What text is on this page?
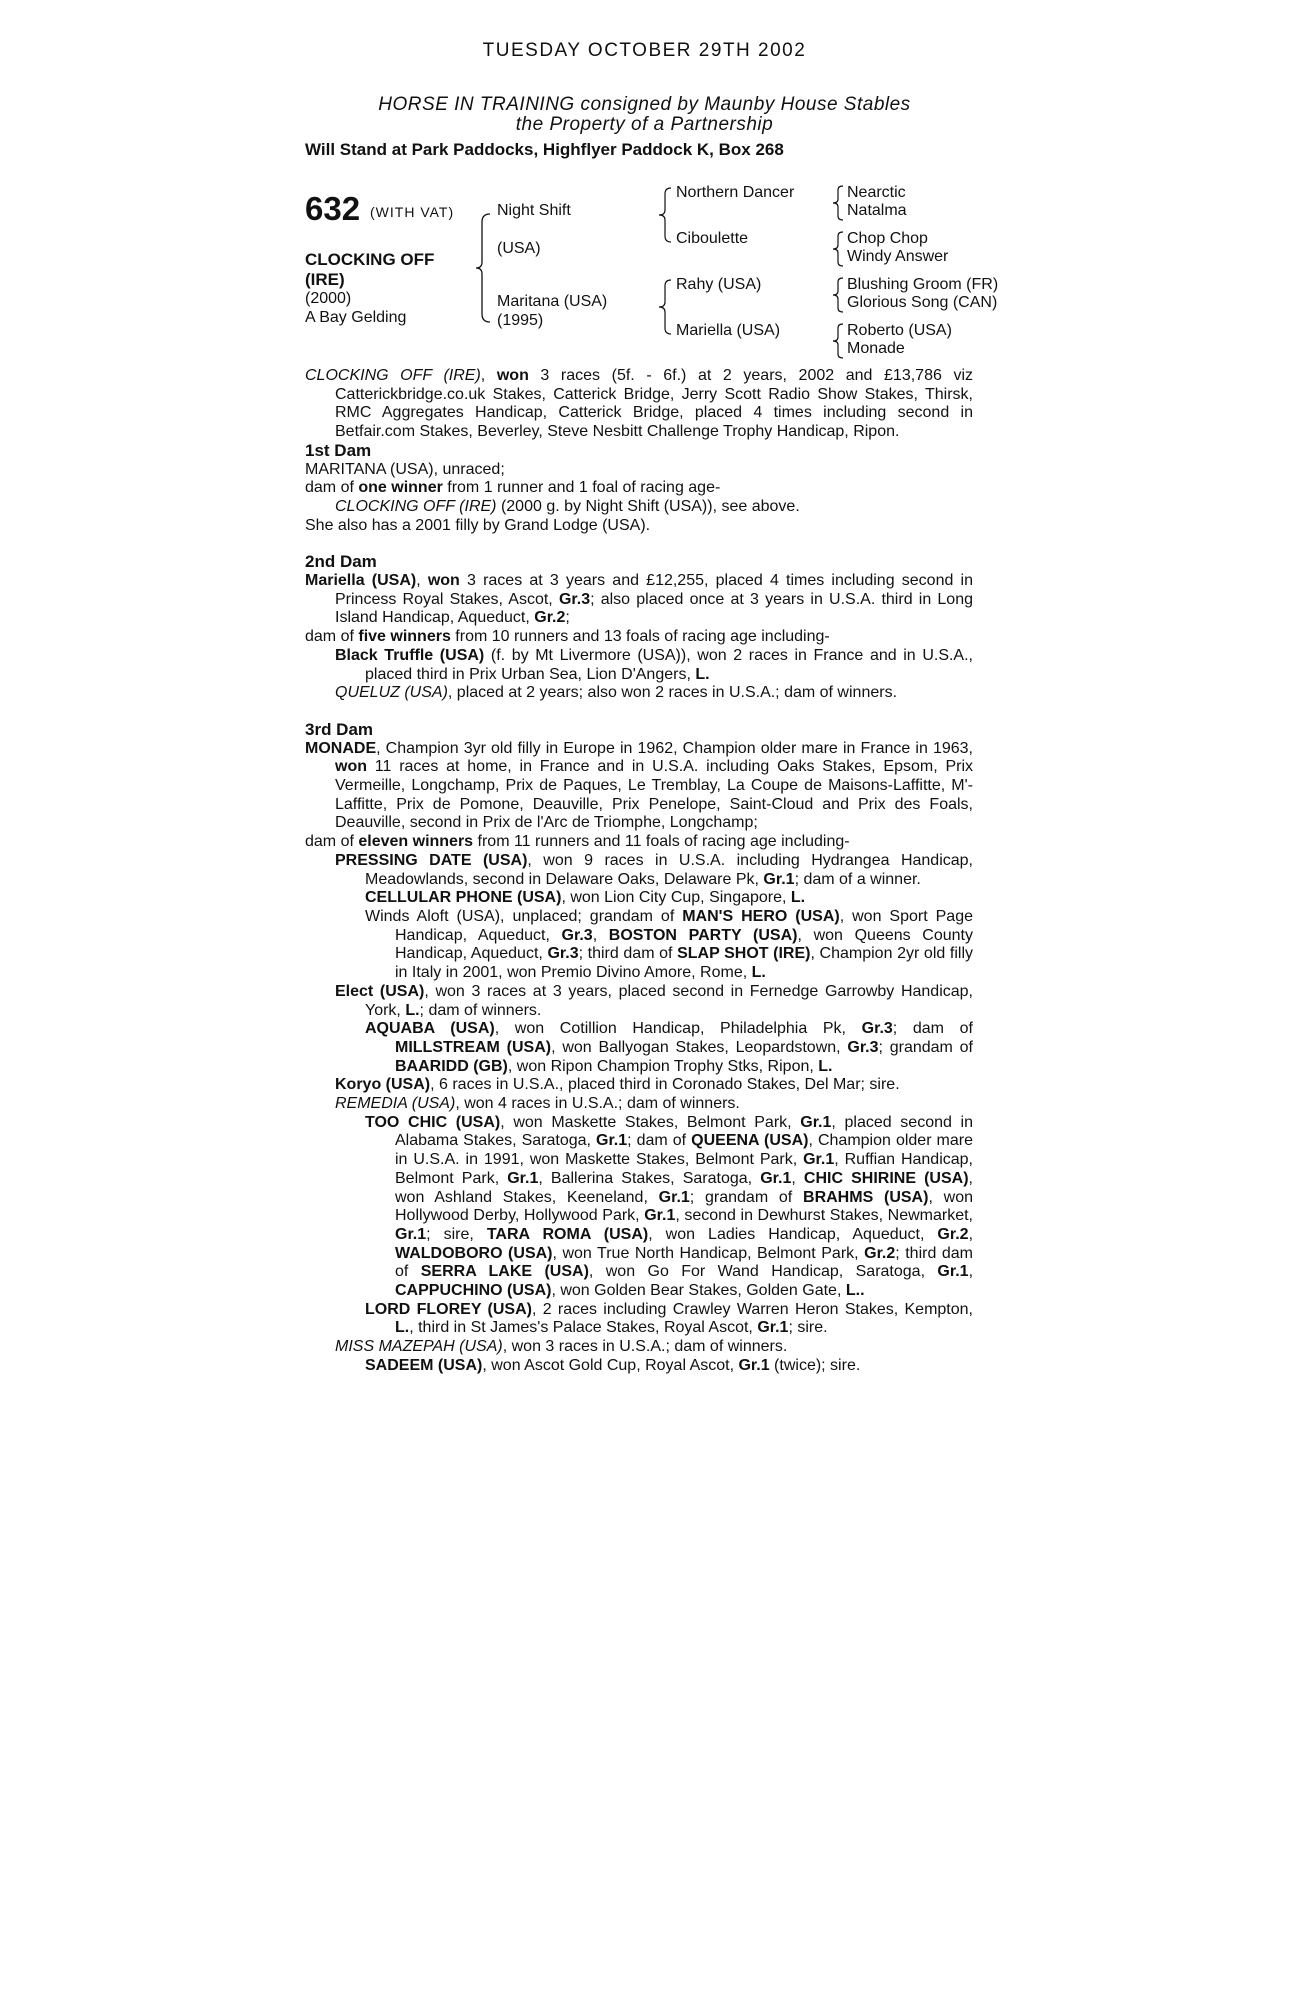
TUESDAY OCTOBER 29TH 2002
HORSE IN TRAINING consigned by Maunby House Stables
the Property of a Partnership
Will Stand at Park Paddocks, Highflyer Paddock K, Box 268
632 (WITH VAT)
CLOCKING OFF
(IRE)
(2000)
A Bay Gelding
Night Shift
(USA)
Maritana (USA)
(1995)
Northern Dancer
Ciboulette
Rahy (USA)
Mariella (USA)
Nearctic
Natalma
Chop Chop
Windy Answer
Blushing Groom (FR)
Glorious Song (CAN)
Roberto (USA)
Monade

CLOCKING OFF (IRE), won 3 races (5f. - 6f.) at 2 years, 2002 and £13,786 viz Catterickbridge.co.uk Stakes, Catterick Bridge, Jerry Scott Radio Show Stakes, Thirsk, RMC Aggregates Handicap, Catterick Bridge, placed 4 times including second in Betfair.com Stakes, Beverley, Steve Nesbitt Challenge Trophy Handicap, Ripon.

1st Dam

MARITANA (USA), unraced;

dam of one winner from 1 runner and 1 foal of racing age-

CLOCKING OFF (IRE) (2000 g. by Night Shift (USA)), see above.

She also has a 2001 filly by Grand Lodge (USA).

2nd Dam

Mariella (USA), won 3 races at 3 years and £12,255, placed 4 times including second in Princess Royal Stakes, Ascot, Gr.3; also placed once at 3 years in U.S.A. third in Long Island Handicap, Aqueduct, Gr.2;

dam of five winners from 10 runners and 13 foals of racing age including-

Black Truffle (USA) (f. by Mt Livermore (USA)), won 2 races in France and in U.S.A., placed third in Prix Urban Sea, Lion D'Angers, L.

QUELUZ (USA), placed at 2 years; also won 2 races in U.S.A.; dam of winners.

3rd Dam

MONADE, Champion 3yr old filly in Europe in 1962, Champion older mare in France in 1963, won 11 races at home, in France and in U.S.A. including Oaks Stakes, Epsom, Prix Vermeille, Longchamp, Prix de Paques, Le Tremblay, La Coupe de Maisons-Laffitte, M'-Laffitte, Prix de Pomone, Deauville, Prix Penelope, Saint-Cloud and Prix des Foals, Deauville, second in Prix de l'Arc de Triomphe, Longchamp;

dam of eleven winners from 11 runners and 11 foals of racing age including-

PRESSING DATE (USA), won 9 races in U.S.A. including Hydrangea Handicap, Meadowlands, second in Delaware Oaks, Delaware Pk, Gr.1; dam of a winner.

CELLULAR PHONE (USA), won Lion City Cup, Singapore, L.

Winds Aloft (USA), unplaced; grandam of MAN'S HERO (USA), won Sport Page Handicap, Aqueduct, Gr.3, BOSTON PARTY (USA), won Queens County Handicap, Aqueduct, Gr.3; third dam of SLAP SHOT (IRE), Champion 2yr old filly in Italy in 2001, won Premio Divino Amore, Rome, L.

Elect (USA), won 3 races at 3 years, placed second in Fernedge Garrowby Handicap, York, L.; dam of winners.

AQUABA (USA), won Cotillion Handicap, Philadelphia Pk, Gr.3; dam of MILLSTREAM (USA), won Ballyogan Stakes, Leopardstown, Gr.3; grandam of BAARIDD (GB), won Ripon Champion Trophy Stks, Ripon, L.

Koryo (USA), 6 races in U.S.A., placed third in Coronado Stakes, Del Mar; sire.

REMEDIA (USA), won 4 races in U.S.A.; dam of winners.

TOO CHIC (USA), won Maskette Stakes, Belmont Park, Gr.1, placed second in Alabama Stakes, Saratoga, Gr.1; dam of QUEENA (USA), Champion older mare in U.S.A. in 1991, won Maskette Stakes, Belmont Park, Gr.1, Ruffian Handicap, Belmont Park, Gr.1, Ballerina Stakes, Saratoga, Gr.1, CHIC SHIRINE (USA), won Ashland Stakes, Keeneland, Gr.1; grandam of BRAHMS (USA), won Hollywood Derby, Hollywood Park, Gr.1, second in Dewhurst Stakes, Newmarket, Gr.1; sire, TARA ROMA (USA), won Ladies Handicap, Aqueduct, Gr.2, WALDOBORO (USA), won True North Handicap, Belmont Park, Gr.2; third dam of SERRA LAKE (USA), won Go For Wand Handicap, Saratoga, Gr.1, CAPPUCHINO (USA), won Golden Bear Stakes, Golden Gate, L..

LORD FLOREY (USA), 2 races including Crawley Warren Heron Stakes, Kempton, L., third in St James's Palace Stakes, Royal Ascot, Gr.1; sire.

MISS MAZEPAH (USA), won 3 races in U.S.A.; dam of winners.

SADEEM (USA), won Ascot Gold Cup, Royal Ascot, Gr.1 (twice); sire.
